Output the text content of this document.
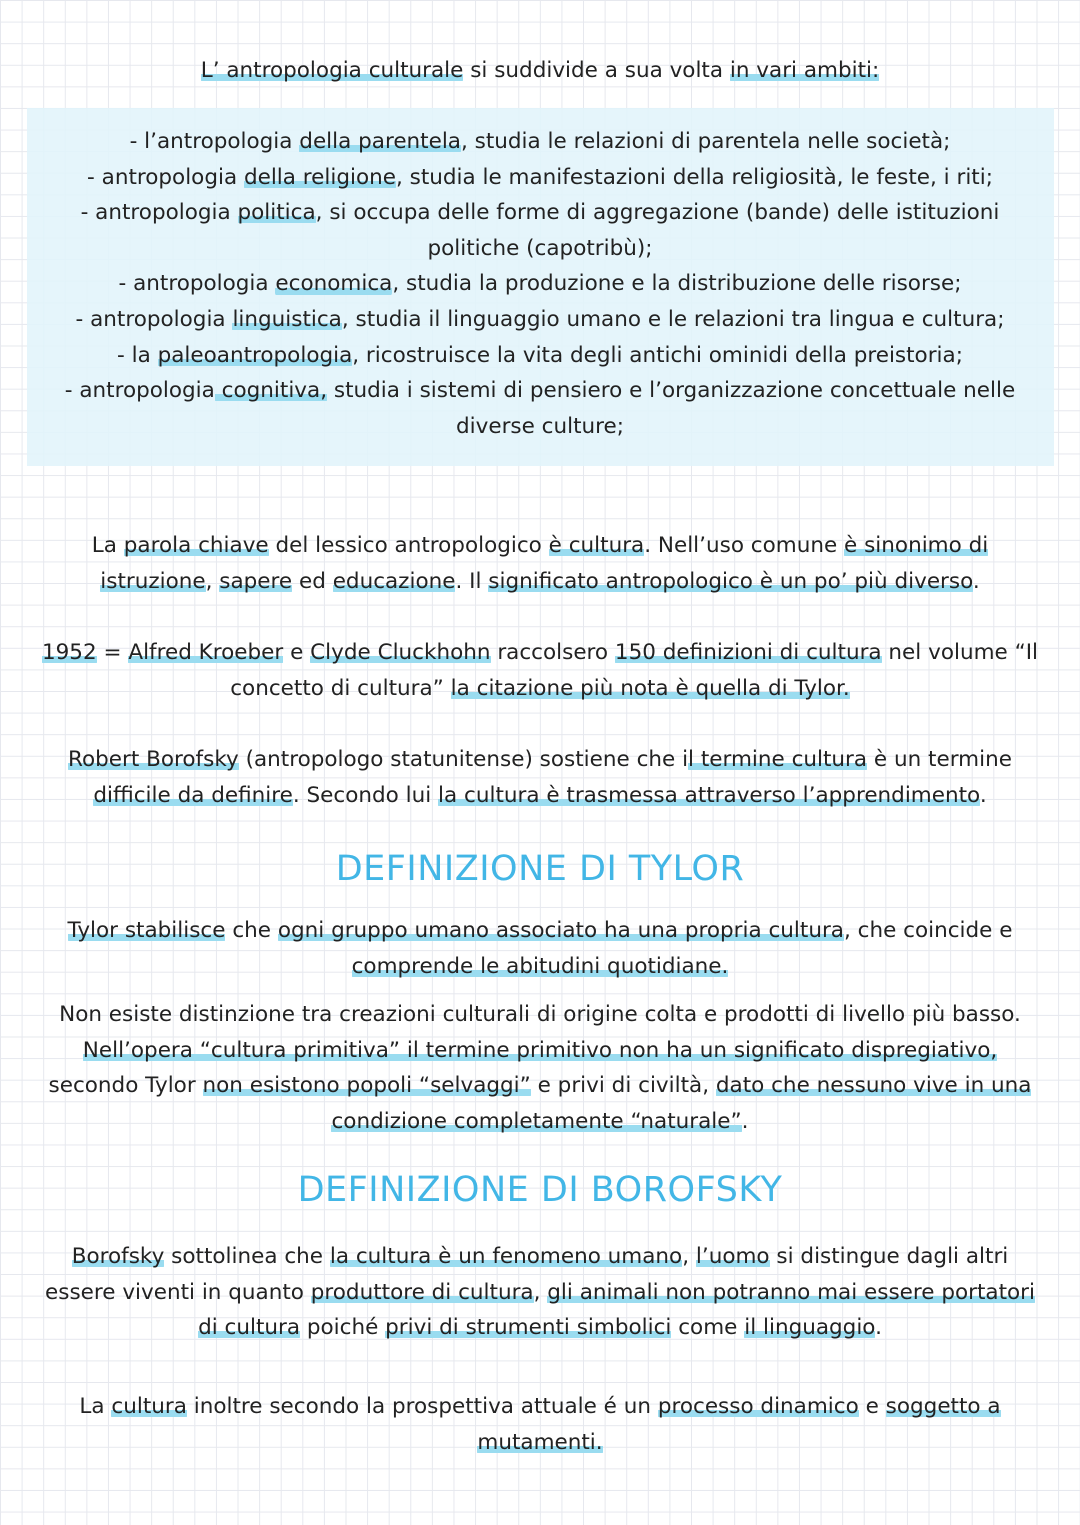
L’ antropologia culturale si suddivide a sua volta in vari ambiti:

- l’antropologia della parentela, studia le relazioni di parentela nelle società;
- antropologia della religione, studia le manifestazioni della religiosità, le feste, i riti;
- antropologia politica, si occupa delle forme di aggregazione (bande) delle istituzioni
politiche (capotribù);
- antropologia economica, studia la produzione e la distribuzione delle risorse;
- antropologia linguistica, studia il linguaggio umano e le relazioni tra lingua e cultura;
- la paleoantropologia, ricostruisce la vita degli antichi ominidi della preistoria;
- antropologia cognitiva, studia i sistemi di pensiero e l’organizzazione concettuale nelle
diverse culture;
La parola chiave del lessico antropologico è cultura. Nell’uso comune è sinonimo di
istruzione, sapere ed educazione. Il significato antropologico è un po’ più diverso.
1952 = Alfred Kroeber e Clyde Cluckhohn raccolsero 150 definizioni di cultura nel volume “Il
concetto di cultura” la citazione più nota è quella di Tylor.
Robert Borofsky (antropologo statunitense) sostiene che il termine cultura è un termine
difficile da definire. Secondo lui la cultura è trasmessa attraverso l’apprendimento.
DEFINIZIONE DI TYLOR
Tylor stabilisce che ogni gruppo umano associato ha una propria cultura, che coincide e
comprende le abitudini quotidiane.
Non esiste distinzione tra creazioni culturali di origine colta e prodotti di livello più basso.
Nell’opera “cultura primitiva” il termine primitivo non ha un significato dispregiativo,
secondo Tylor non esistono popoli “selvaggi” e privi di civiltà, dato che nessuno vive in una
condizione completamente “naturale”.
DEFINIZIONE DI BOROFSKY
Borofsky sottolinea che la cultura è un fenomeno umano, l’uomo si distingue dagli altri
essere viventi in quanto produttore di cultura, gli animali non potranno mai essere portatori
di cultura poiché privi di strumenti simbolici come il linguaggio.
La cultura inoltre secondo la prospettiva attuale é un processo dinamico e soggetto a
mutamenti.
